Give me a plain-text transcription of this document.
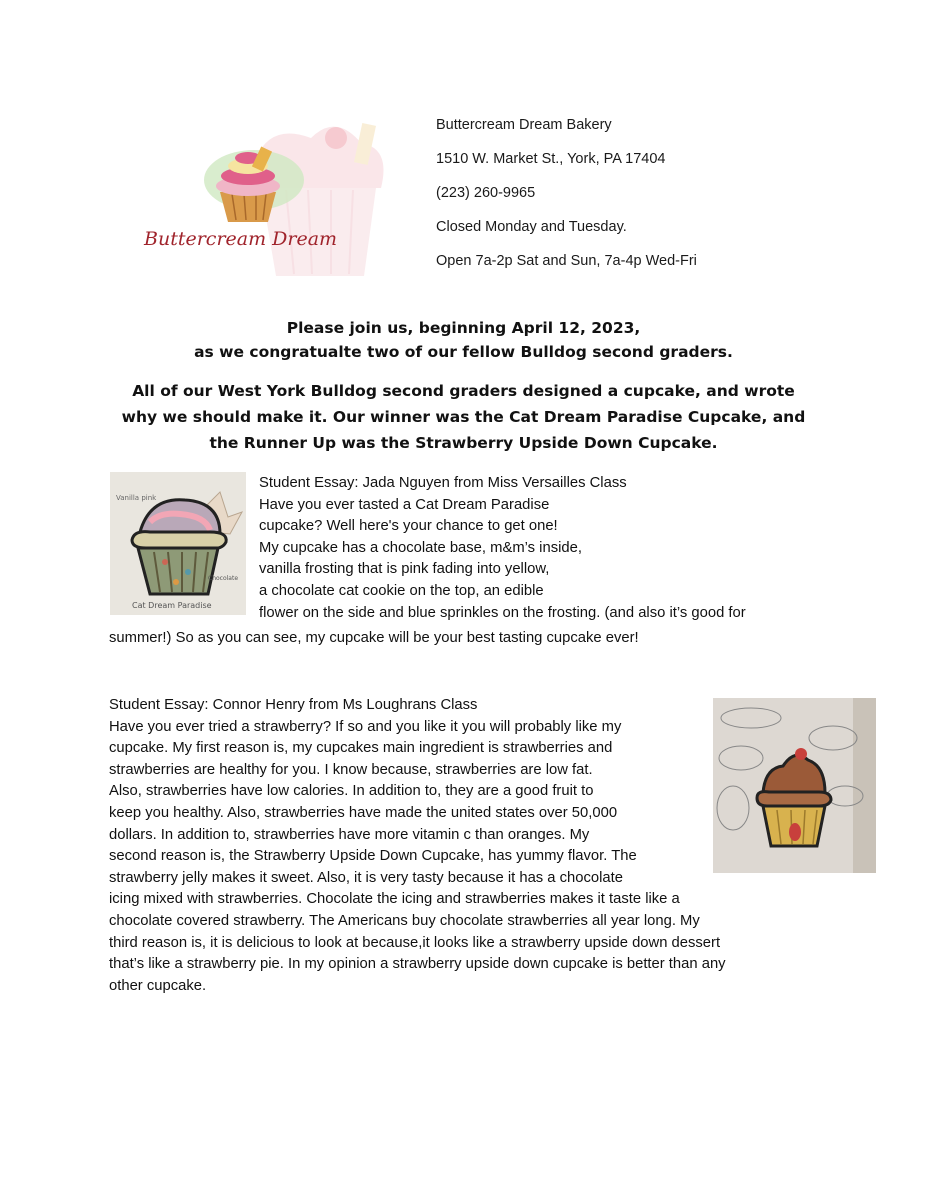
Buttercream Dream
Buttercream Dream Bakery
1510 W. Market St., York, PA 17404
(223) 260-9965
Closed Monday and Tuesday.
Open 7a-2p Sat and Sun, 7a-4p Wed-Fri
Please join us, beginning April 12, 2023,
as we congratualte two of our fellow Bulldog second graders.
All of our West York Bulldog second graders designed a cupcake, and wrote
why we should make it. Our winner was the Cat Dream Paradise Cupcake, and
the Runner Up was the Strawberry Upside Down Cupcake.
Vanilla pink
Chocolate
Cat Dream Paradise
Student Essay: Jada Nguyen from Miss Versailles Class
Have you ever tasted a Cat Dream Paradise
cupcake? Well here's your chance to get one!
My cupcake has a chocolate base, m&m’s inside,
vanilla frosting that is pink fading into yellow,
a chocolate cat cookie on the top, an edible
flower on the side and blue sprinkles on the frosting. (and also it’s good for
summer!) So as you can see, my cupcake will be your best tasting cupcake ever!
Student Essay: Connor Henry from Ms Loughrans Class
Have you ever tried a strawberry? If so and you like it you will probably like my
cupcake. My first reason is, my cupcakes main ingredient is strawberries and
strawberries are healthy for you. I know because, strawberries are low fat.
Also, strawberries have low calories. In addition to, they are a good fruit to
keep you healthy. Also, strawberries have made the united states over 50,000
dollars. In addition to, strawberries have more vitamin c than oranges. My
second reason is, the Strawberry Upside Down Cupcake, has yummy flavor. The
strawberry jelly makes it sweet. Also, it is very tasty because it has a chocolate
icing mixed with strawberries. Chocolate the icing and strawberries makes it taste like a
chocolate covered strawberry. The Americans buy chocolate strawberries all year long. My
third reason is, it is delicious to look at because,it looks like a strawberry upside down dessert
that’s like a strawberry pie. In my opinion a strawberry upside down cupcake is better than any
other cupcake.
